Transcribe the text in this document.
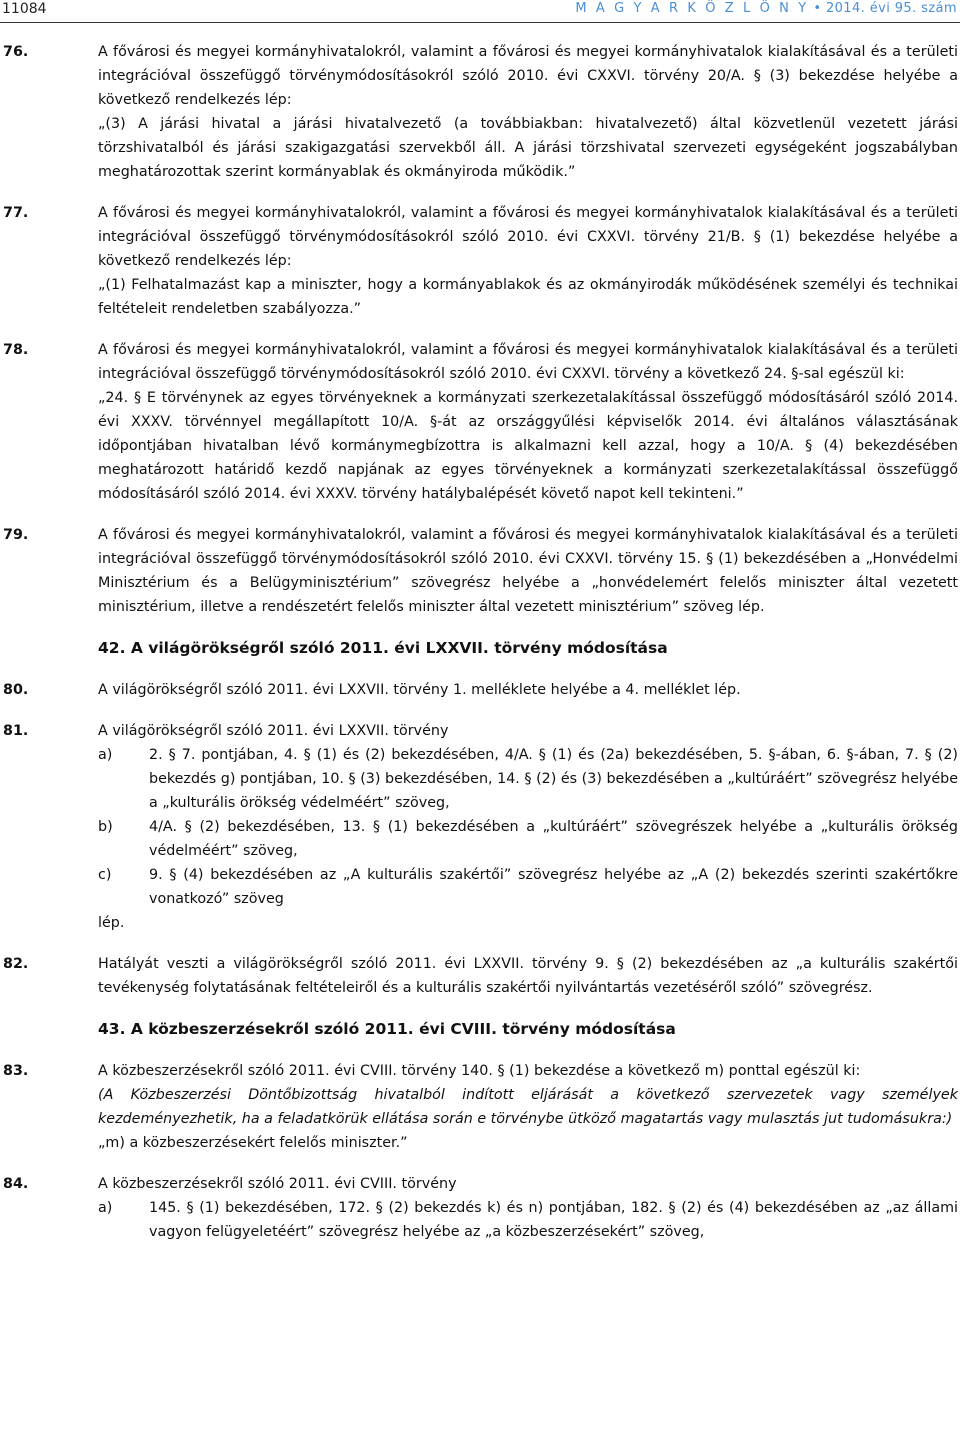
11084	M A G Y A R K Ö Z L Ö N Y • 2014. évi 95. szám
76.	A fővárosi és megyei kormányhivatalokról, valamint a fővárosi és megyei kormányhivatalok kialakításával és a területi integrációval összefüggő törvénymódosításokról szóló 2010. évi CXXVI. törvény 20/A. § (3) bekezdése helyébe a következő rendelkezés lép:

„(3) A járási hivatal a járási hivatalvezető (a továbbiakban: hivatalvezető) által közvetlenül vezetett járási törzshivatalból és járási szakigazgatási szervekből áll. A járási törzshivatal szervezeti egységeként jogszabályban meghatározottak szerint kormányablak és okmányiroda működik.”

77.	A fővárosi és megyei kormányhivatalokról, valamint a fővárosi és megyei kormányhivatalok kialakításával és a területi integrációval összefüggő törvénymódosításokról szóló 2010. évi CXXVI. törvény 21/B. § (1) bekezdése helyébe a következő rendelkezés lép:

„(1) Felhatalmazást kap a miniszter, hogy a kormányablakok és az okmányirodák működésének személyi és technikai feltételeit rendeletben szabályozza.”

78.	A fővárosi és megyei kormányhivatalokról, valamint a fővárosi és megyei kormányhivatalok kialakításával és a területi integrációval összefüggő törvénymódosításokról szóló 2010. évi CXXVI. törvény a következő 24. §-sal egészül ki:

„24. § E törvénynek az egyes törvényeknek a kormányzati szerkezetalakítással összefüggő módosításáról szóló 2014. évi XXXV. törvénnyel megállapított 10/A. §-át az országgyűlési képviselők 2014. évi általános választásának időpontjában hivatalban lévő kormánymegbízottra is alkalmazni kell azzal, hogy a 10/A. § (4) bekezdésében meghatározott határidő kezdő napjának az egyes törvényeknek a kormányzati szerkezetalakítással összefüggő módosításáról szóló 2014. évi XXXV. törvény hatálybalépését követő napot kell tekinteni.”

79.	A fővárosi és megyei kormányhivatalokról, valamint a fővárosi és megyei kormányhivatalok kialakításával és a területi integrációval összefüggő törvénymódosításokról szóló 2010. évi CXXVI. törvény 15. § (1) bekezdésében a „Honvédelmi Minisztérium és a Belügyminisztérium” szövegrész helyébe a „honvédelemért felelős miniszter által vezetett minisztérium, illetve a rendészetért felelős miniszter által vezetett minisztérium” szöveg lép.

42. A világörökségről szóló 2011. évi LXXVII. törvény módosítása
80.	A világörökségről szóló 2011. évi LXXVII. törvény 1. melléklete helyébe a 4. melléklet lép.

81.	A világörökségről szóló 2011. évi LXXVII. törvény

a)	2. § 7. pontjában, 4. § (1) és (2) bekezdésében, 4/A. § (1) és (2a) bekezdésében, 5. §-ában, 6. §-ában, 7. § (2) bekezdés g) pontjában, 10. § (3) bekezdésében, 14. § (2) és (3) bekezdésében a „kultúráért” szövegrész helyébe a „kulturális örökség védelméért” szöveg,

b)	4/A. § (2) bekezdésében, 13. § (1) bekezdésében a „kultúráért” szövegrészek helyébe a „kulturális örökség védelméért” szöveg,

c)	9. § (4) bekezdésében az „A kulturális szakértői” szövegrész helyébe az „A (2) bekezdés szerinti szakértőkre vonatkozó” szöveg

lép.

82.	Hatályát veszti a világörökségről szóló 2011. évi LXXVII. törvény 9. § (2) bekezdésében az „a kulturális szakértői tevékenység folytatásának feltételeiről és a kulturális szakértői nyilvántartás vezetéséről szóló” szövegrész.

43. A közbeszerzésekről szóló 2011. évi CVIII. törvény módosítása
83.	A közbeszerzésekről szóló 2011. évi CVIII. törvény 140. § (1) bekezdése a következő m) ponttal egészül ki:

(A Közbeszerzési Döntőbizottság hivatalból indított eljárását a következő szervezetek vagy személyek kezdeményezhetik, ha a feladatkörük ellátása során e törvénybe ütköző magatartás vagy mulasztás jut tudomásukra:)

„m) a közbeszerzésekért felelős miniszter.”

84.	A közbeszerzésekről szóló 2011. évi CVIII. törvény

a)	145. § (1) bekezdésében, 172. § (2) bekezdés k) és n) pontjában, 182. § (2) és (4) bekezdésében az „az állami vagyon felügyeletéért” szövegrész helyébe az „a közbeszerzésekért” szöveg,
